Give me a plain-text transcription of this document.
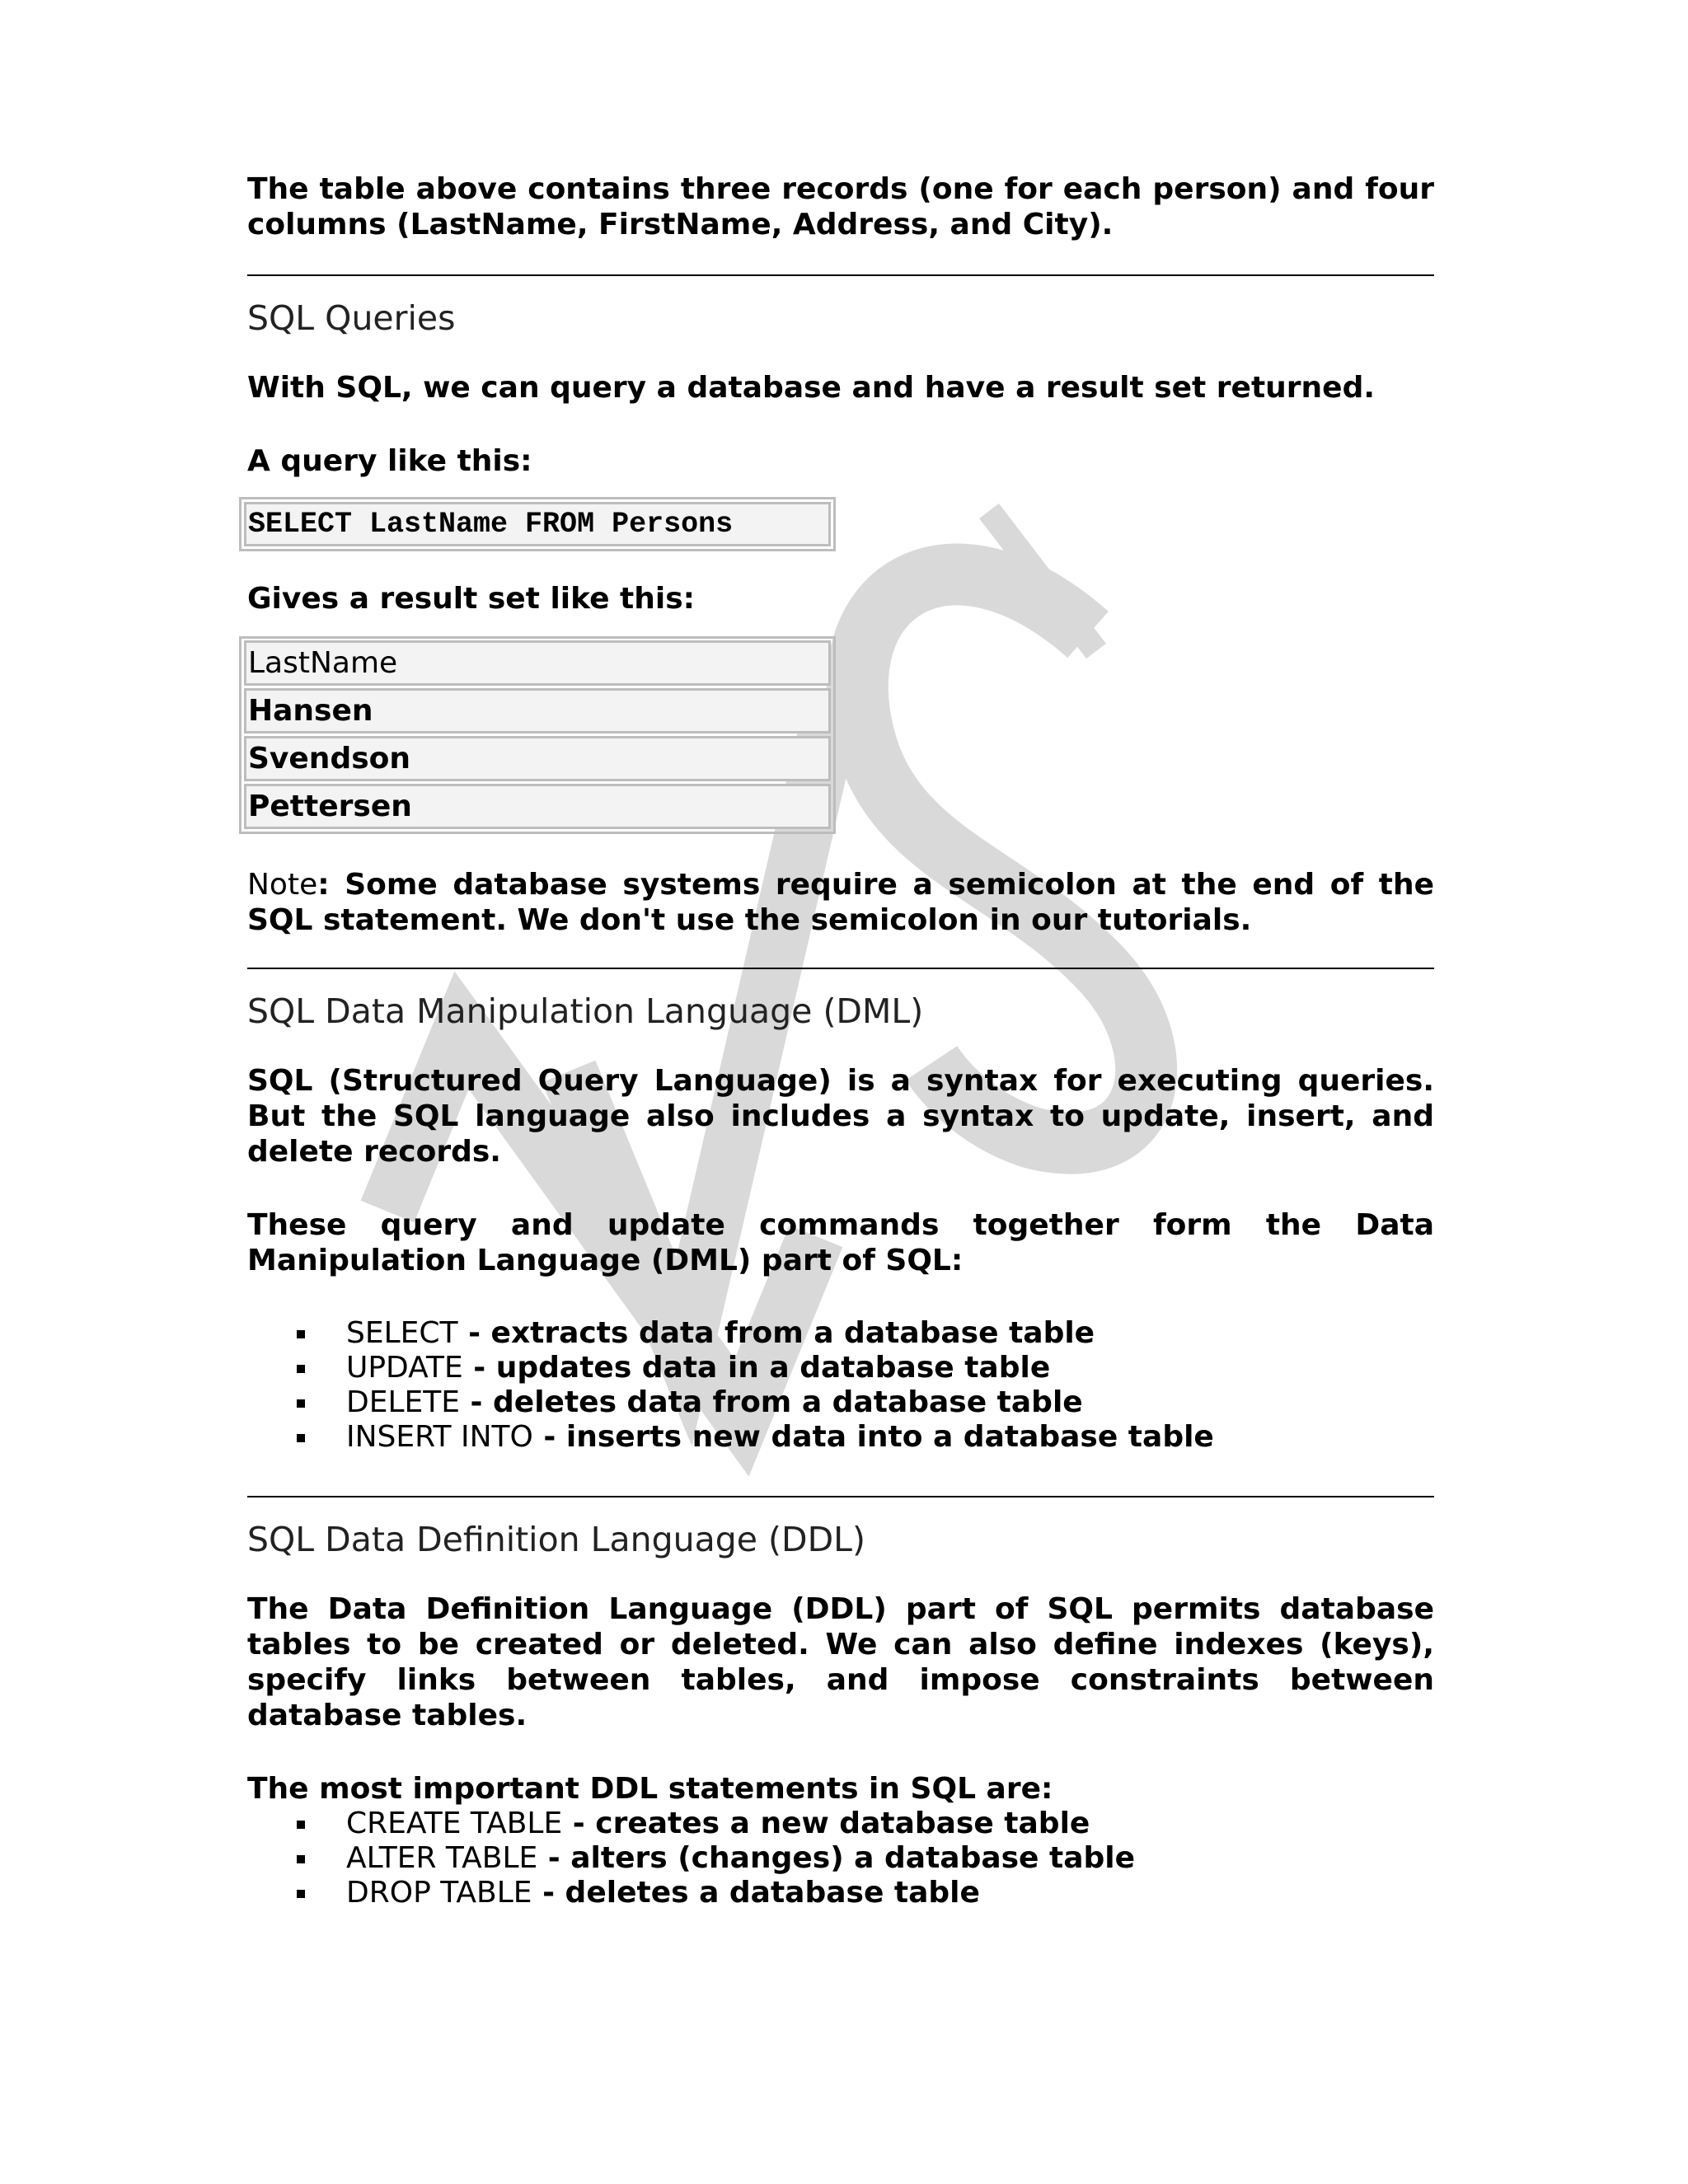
The table above contains three records (one for each person) and four columns (LastName, FirstName, Address, and City).

SQL Queries

With SQL, we can query a database and have a result set returned.

A query like this:

SELECT LastName FROM Persons

Gives a result set like this:

LastName
Hansen
Svendson
Pettersen

Note: Some database systems require a semicolon at the end of the SQL statement. We don't use the semicolon in our tutorials.

SQL Data Manipulation Language (DML)

SQL (Structured Query Language) is a syntax for executing queries. But the SQL language also includes a syntax to update, insert, and delete records.

These query and update commands together form the Data Manipulation Language (DML) part of SQL:

SELECT - extracts data from a database table
UPDATE - updates data in a database table
DELETE - deletes data from a database table
INSERT INTO - inserts new data into a database table
SQL Data Definition Language (DDL)

The Data Definition Language (DDL) part of SQL permits database tables to be created or deleted. We can also define indexes (keys), specify links between tables, and impose constraints between database tables.

The most important DDL statements in SQL are:

CREATE TABLE - creates a new database table
ALTER TABLE - alters (changes) a database table
DROP TABLE - deletes a database table
